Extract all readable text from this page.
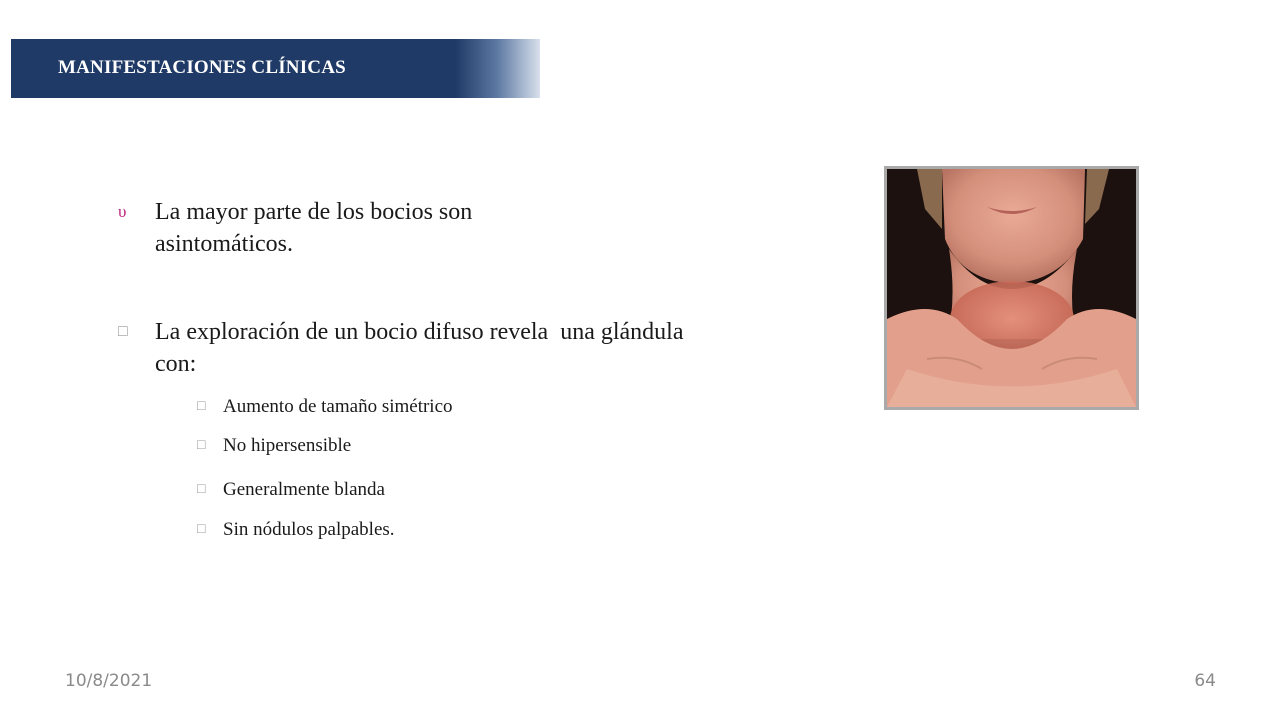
MANIFESTACIONES CLÍNICAS
υ	La mayor parte de los bocios son asintomáticos.
□	La exploración de un bocio difuso revela  una glándula con:
□ Aumento de tamaño simétrico
□ No hipersensible
□ Generalmente blanda
□ Sin nódulos palpables.
10/8/2021	64
